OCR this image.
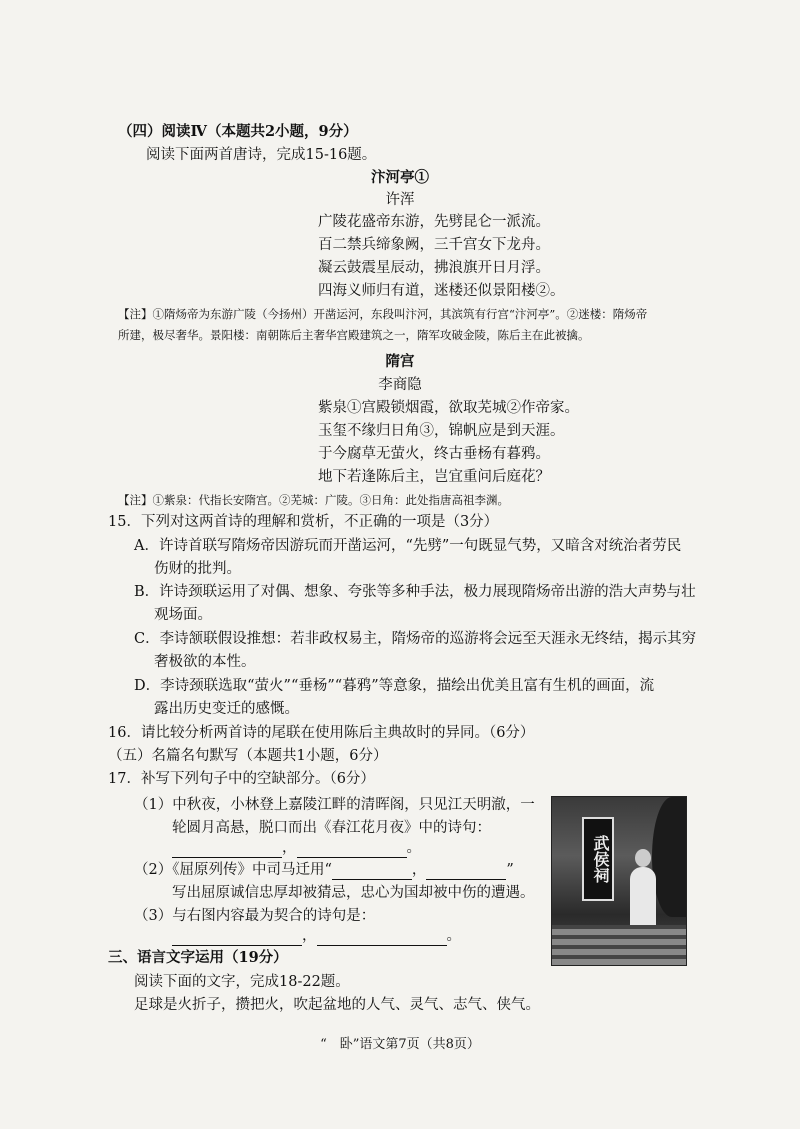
（四）阅读Ⅳ（本题共2小题，9分）
阅读下面两首唐诗，完成15-16题。
汴河亭①
许浑
广陵花盛帝东游，先劈昆仑一派流。
百二禁兵缔象阙，三千宫女下龙舟。
凝云鼓震星辰动，拂浪旗开日月浮。
四海义师归有道，迷楼还似景阳楼②。
【注】①隋炀帝为东游广陵（今扬州）开凿运河，东段叫汴河，其滨筑有行宫“汴河亭”。②迷楼：隋炀帝
所建，极尽奢华。景阳楼：南朝陈后主奢华宫殿建筑之一，隋军攻破金陵，陈后主在此被擒。
隋宫
李商隐
紫泉①宫殿锁烟霞，欲取芜城②作帝家。
玉玺不缘归日角③，锦帆应是到天涯。
于今腐草无萤火，终古垂杨有暮鸦。
地下若逢陈后主，岂宜重问后庭花？
【注】①紫泉：代指长安隋宫。②芜城：广陵。③日角：此处指唐高祖李渊。
15．下列对这两首诗的理解和赏析，不正确的一项是（3分）
A．许诗首联写隋炀帝因游玩而开凿运河，“先劈”一句既显气势，又暗含对统治者劳民
伤财的批判。
B．许诗颈联运用了对偶、想象、夸张等多种手法，极力展现隋炀帝出游的浩大声势与壮
观场面。
C．李诗颔联假设推想：若非政权易主，隋炀帝的巡游将会远至天涯永无终结，揭示其穷
奢极欲的本性。
D．李诗颈联选取“萤火”“垂杨”“暮鸦”等意象，描绘出优美且富有生机的画面，流
露出历史变迁的感慨。
16．请比较分析两首诗的尾联在使用陈后主典故时的异同。（6分）
（五）名篇名句默写（本题共1小题，6分）
17．补写下列句子中的空缺部分。（6分）
（1）中秋夜，小林登上嘉陵江畔的清晖阁，只见江天明澈，一
轮圆月高悬，脱口而出《春江花月夜》中的诗句：
，	。
（2）《屈原列传》中司马迁用“	，	”
写出屈原诚信忠厚却被猜忌，忠心为国却被中伤的遭遇。
（3）与右图内容最为契合的诗句是：
，	。
武侯祠
三、语言文字运用（19分）
阅读下面的文字，完成18-22题。
足球是火折子，攒把火，吹起盆地的人气、灵气、志气、侠气。
“　卧”语文第7页（共8页）
